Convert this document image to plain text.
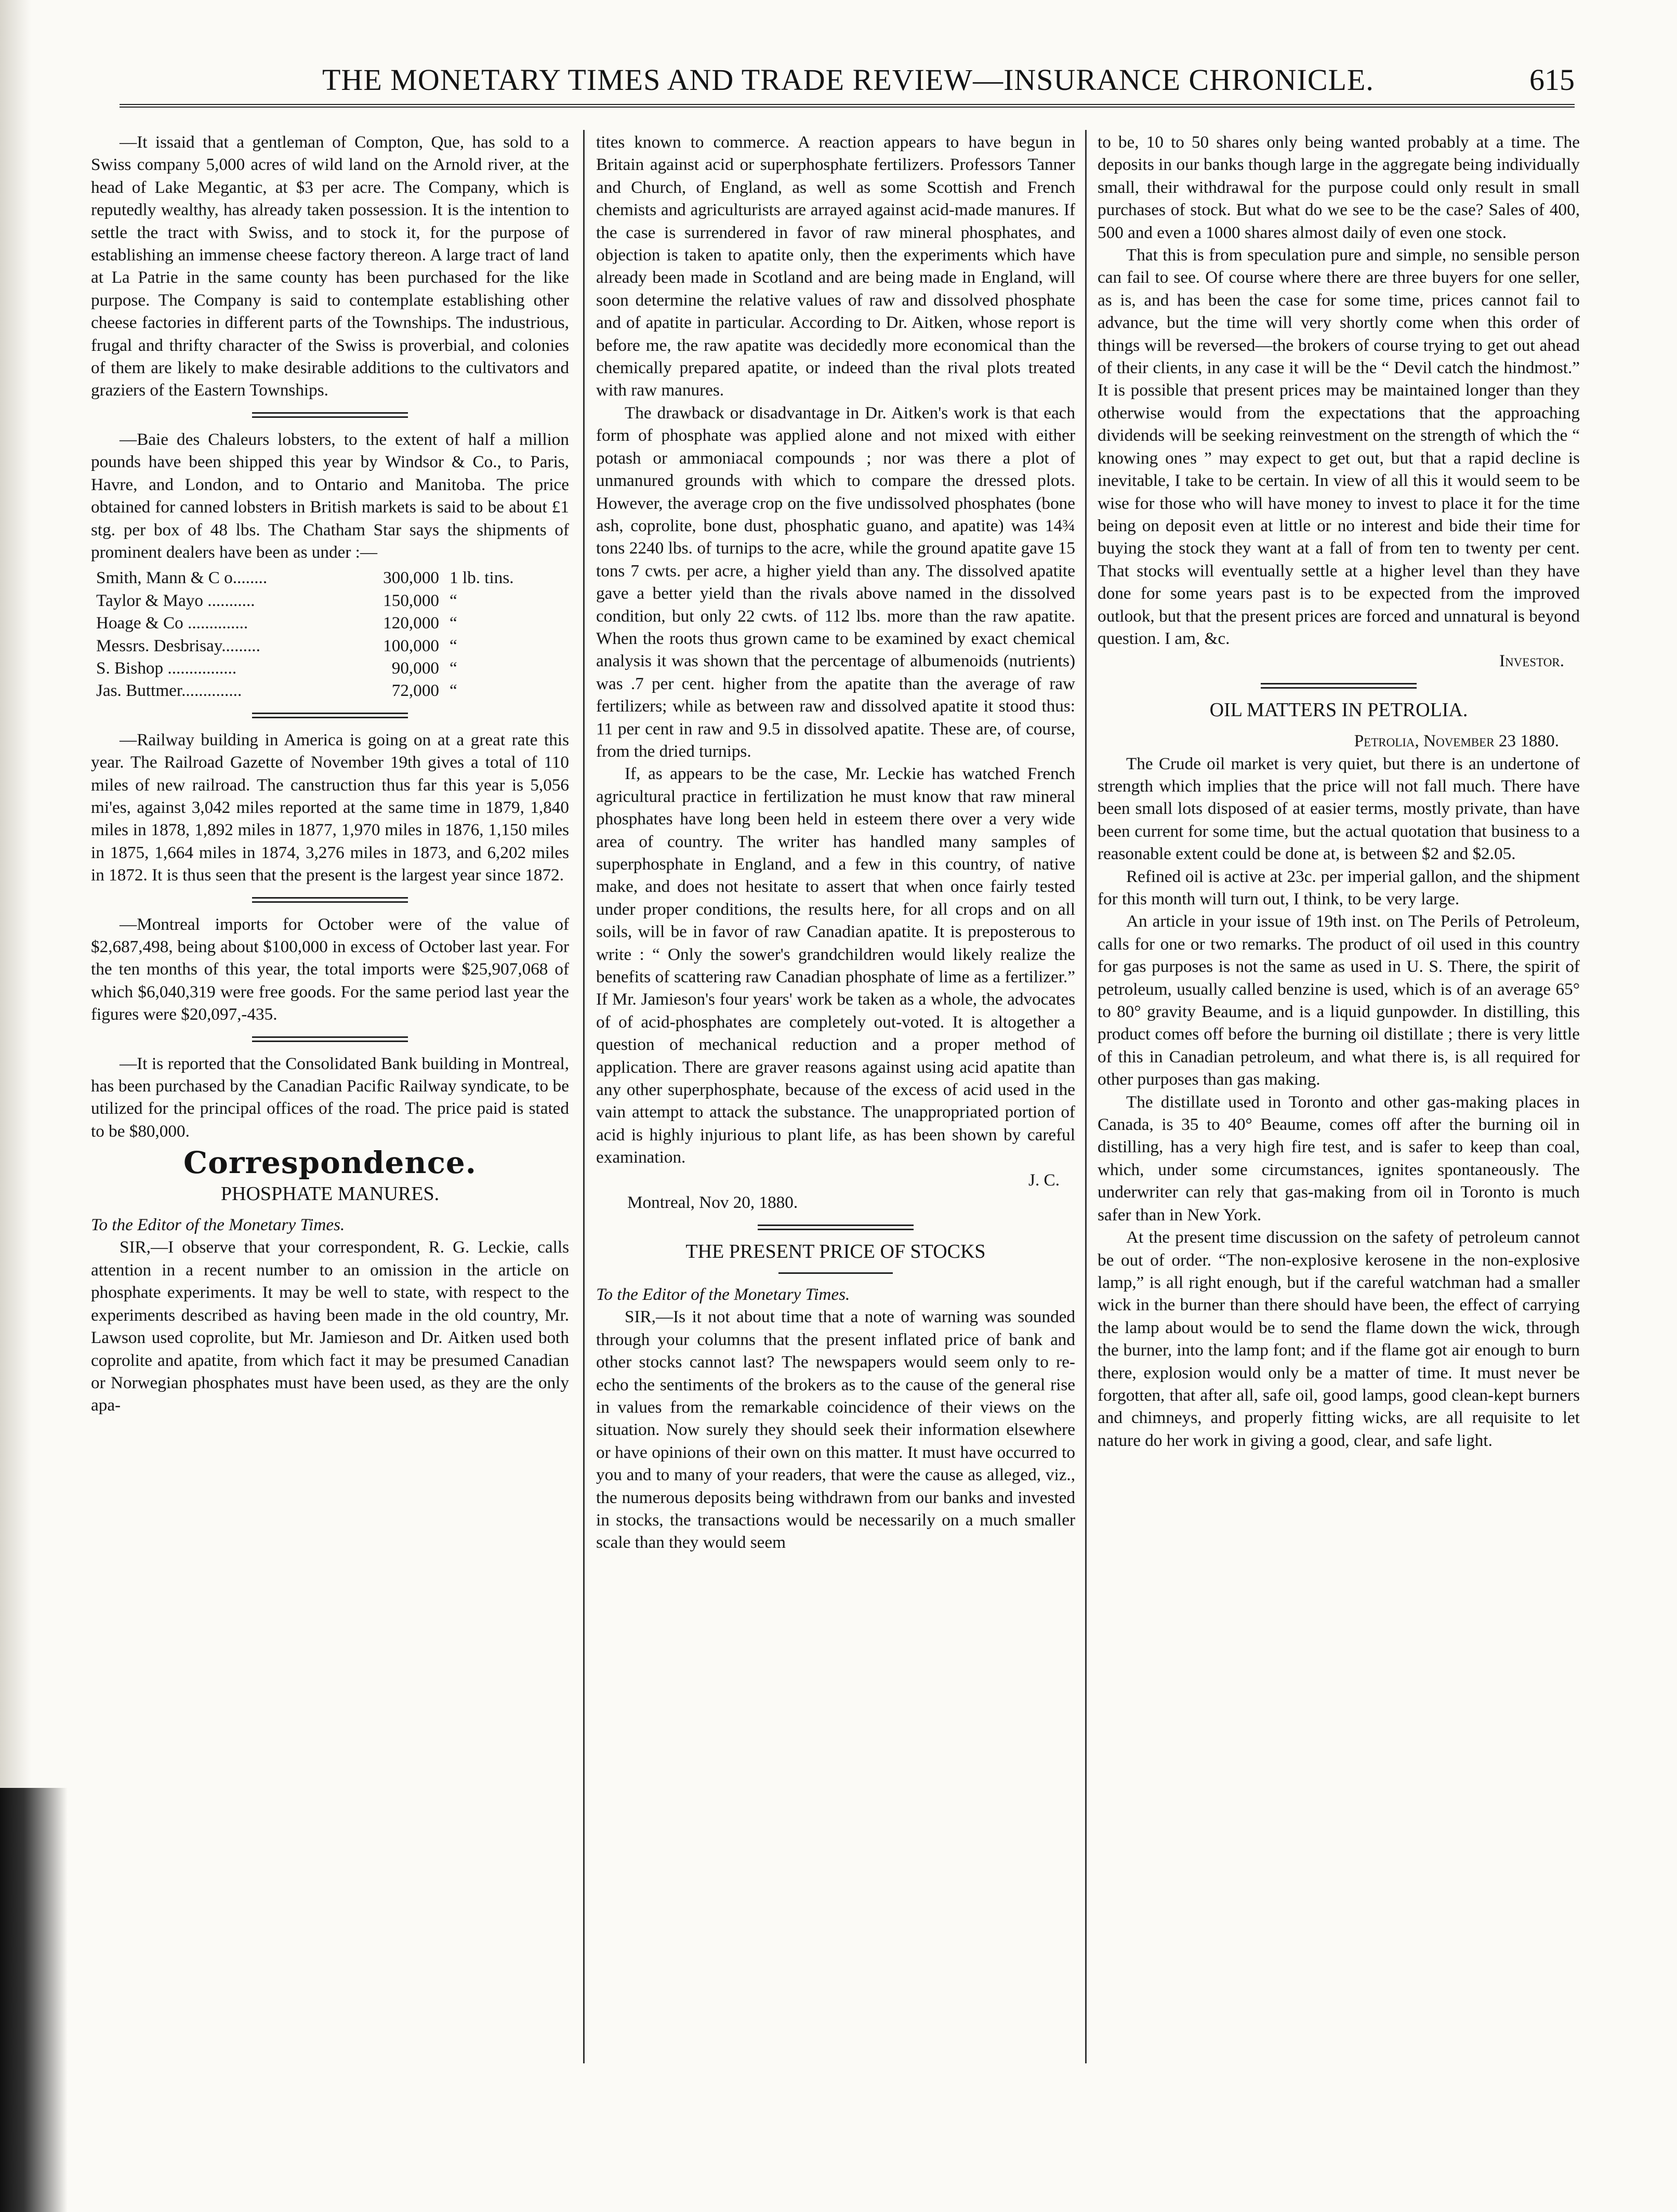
THE MONETARY TIMES AND TRADE REVIEW—INSURANCE CHRONICLE.	615

—It issaid that a gentleman of Compton, Que, has sold to a Swiss company 5,000 acres of wild land on the Arnold river, at the head of Lake Megantic, at $3 per acre. The Company, which is reputedly wealthy, has already taken possession. It is the intention to settle the tract with Swiss, and to stock it, for the purpose of establishing an immense cheese factory thereon. A large tract of land at La Patrie in the same county has been purchased for the like purpose. The Company is said to contemplate establishing other cheese factories in different parts of the Townships. The industrious, frugal and thrifty character of the Swiss is proverbial, and colonies of them are likely to make desirable additions to the cultivators and graziers of the Eastern Townships.

—Baie des Chaleurs lobsters, to the extent of half a million pounds have been shipped this year by Windsor & Co., to Paris, Havre, and London, and to Ontario and Manitoba. The price obtained for canned lobsters in British markets is said to be about £1 stg. per box of 48 lbs. The Chatham Star says the shipments of prominent dealers have been as under :—

Smith, Mann & C o........	300,000 1 lb. tins.
Taylor & Mayo ...........	150,000 “
Hoage & Co ..............	120,000 “
Messrs. Desbrisay.........	100,000 “
S. Bishop ................	90,000 “
Jas. Buttmer..............	72,000 “

—Railway building in America is going on at a great rate this year. The Railroad Gazette of November 19th gives a total of 110 miles of new railroad. The canstruction thus far this year is 5,056 mi'es, against 3,042 miles reported at the same time in 1879, 1,840 miles in 1878, 1,892 miles in 1877, 1,970 miles in 1876, 1,150 miles in 1875, 1,664 miles in 1874, 3,276 miles in 1873, and 6,202 miles in 1872. It is thus seen that the present is the largest year since 1872.

—Montreal imports for October were of the value of $2,687,498, being about $100,000 in excess of October last year. For the ten months of this year, the total imports were $25,907,068 of which $6,040,319 were free goods. For the same period last year the figures were $20,097,-435.

—It is reported that the Consolidated Bank building in Montreal, has been purchased by the Canadian Pacific Railway syndicate, to be utilized for the principal offices of the road. The price paid is stated to be $80,000.

Correspondence.
PHOSPHATE MANURES.
To the Editor of the Monetary Times.

SIR,—I observe that your correspondent, R. G. Leckie, calls attention in a recent number to an omission in the article on phosphate experiments. It may be well to state, with respect to the experiments described as having been made in the old country, Mr. Lawson used coprolite, but Mr. Jamieson and Dr. Aitken used both coprolite and apatite, from which fact it may be presumed Canadian or Norwegian phosphates must have been used, as they are the only apa-

tites known to commerce. A reaction appears to have begun in Britain against acid or superphosphate fertilizers. Professors Tanner and Church, of England, as well as some Scottish and French chemists and agriculturists are arrayed against acid-made manures. If the case is surrendered in favor of raw mineral phosphates, and objection is taken to apatite only, then the experiments which have already been made in Scotland and are being made in England, will soon determine the relative values of raw and dissolved phosphate and of apatite in particular. According to Dr. Aitken, whose report is before me, the raw apatite was decidedly more economical than the chemically prepared apatite, or indeed than the rival plots treated with raw manures.

The drawback or disadvantage in Dr. Aitken's work is that each form of phosphate was applied alone and not mixed with either potash or ammoniacal compounds ; nor was there a plot of unmanured grounds with which to compare the dressed plots. However, the average crop on the five undissolved phosphates (bone ash, coprolite, bone dust, phosphatic guano, and apatite) was 14¾ tons 2240 lbs. of turnips to the acre, while the ground apatite gave 15 tons 7 cwts. per acre, a higher yield than any. The dissolved apatite gave a better yield than the rivals above named in the dissolved condition, but only 22 cwts. of 112 lbs. more than the raw apatite. When the roots thus grown came to be examined by exact chemical analysis it was shown that the percentage of albumenoids (nutrients) was .7 per cent. higher from the apatite than the average of raw fertilizers; while as between raw and dissolved apatite it stood thus: 11 per cent in raw and 9.5 in dissolved apatite. These are, of course, from the dried turnips.

If, as appears to be the case, Mr. Leckie has watched French agricultural practice in fertilization he must know that raw mineral phosphates have long been held in esteem there over a very wide area of country. The writer has handled many samples of superphosphate in England, and a few in this country, of native make, and does not hesitate to assert that when once fairly tested under proper conditions, the results here, for all crops and on all soils, will be in favor of raw Canadian apatite. It is preposterous to write : “ Only the sower's grandchildren would likely realize the benefits of scattering raw Canadian phosphate of lime as a fertilizer.” If Mr. Jamieson's four years' work be taken as a whole, the advocates of of acid-phosphates are completely out-voted. It is altogether a question of mechanical reduction and a proper method of application. There are graver reasons against using acid apatite than any other superphosphate, because of the excess of acid used in the vain attempt to attack the substance. The unappropriated portion of acid is highly injurious to plant life, as has been shown by careful examination.

J. C.
Montreal, Nov 20, 1880.
THE PRESENT PRICE OF STOCKS
To the Editor of the Monetary Times.

SIR,—Is it not about time that a note of warning was sounded through your columns that the present inflated price of bank and other stocks cannot last? The newspapers would seem only to re-echo the sentiments of the brokers as to the cause of the general rise in values from the remarkable coincidence of their views on the situation. Now surely they should seek their information elsewhere or have opinions of their own on this matter. It must have occurred to you and to many of your readers, that were the cause as alleged, viz., the numerous deposits being withdrawn from our banks and invested in stocks, the transactions would be necessarily on a much smaller scale than they would seem

to be, 10 to 50 shares only being wanted probably at a time. The deposits in our banks though large in the aggregate being individually small, their withdrawal for the purpose could only result in small purchases of stock. But what do we see to be the case? Sales of 400, 500 and even a 1000 shares almost daily of even one stock.

That this is from speculation pure and simple, no sensible person can fail to see. Of course where there are three buyers for one seller, as is, and has been the case for some time, prices cannot fail to advance, but the time will very shortly come when this order of things will be reversed—the brokers of course trying to get out ahead of their clients, in any case it will be the “ Devil catch the hindmost.” It is possible that present prices may be maintained longer than they otherwise would from the expectations that the approaching dividends will be seeking reinvestment on the strength of which the “ knowing ones ” may expect to get out, but that a rapid decline is inevitable, I take to be certain. In view of all this it would seem to be wise for those who will have money to invest to place it for the time being on deposit even at little or no interest and bide their time for buying the stock they want at a fall of from ten to twenty per cent. That stocks will eventually settle at a higher level than they have done for some years past is to be expected from the improved outlook, but that the present prices are forced and unnatural is beyond question. I am, &c.

Investor.
OIL MATTERS IN PETROLIA.
Petrolia, November 23 1880.

The Crude oil market is very quiet, but there is an undertone of strength which implies that the price will not fall much. There have been small lots disposed of at easier terms, mostly private, than have been current for some time, but the actual quotation that business to a reasonable extent could be done at, is between $2 and $2.05.

Refined oil is active at 23c. per imperial gallon, and the shipment for this month will turn out, I think, to be very large.

An article in your issue of 19th inst. on The Perils of Petroleum, calls for one or two remarks. The product of oil used in this country for gas purposes is not the same as used in U. S. There, the spirit of petroleum, usually called benzine is used, which is of an average 65° to 80° gravity Beaume, and is a liquid gunpowder. In distilling, this product comes off before the burning oil distillate ; there is very little of this in Canadian petroleum, and what there is, is all required for other purposes than gas making.

The distillate used in Toronto and other gas-making places in Canada, is 35 to 40° Beaume, comes off after the burning oil in distilling, has a very high fire test, and is safer to keep than coal, which, under some circumstances, ignites spontaneously. The underwriter can rely that gas-making from oil in Toronto is much safer than in New York.

At the present time discussion on the safety of petroleum cannot be out of order. “The non-explosive kerosene in the non-explosive lamp,” is all right enough, but if the careful watchman had a smaller wick in the burner than there should have been, the effect of carrying the lamp about would be to send the flame down the wick, through the burner, into the lamp font; and if the flame got air enough to burn there, explosion would only be a matter of time. It must never be forgotten, that after all, safe oil, good lamps, good clean-kept burners and chimneys, and properly fitting wicks, are all requisite to let nature do her work in giving a good, clear, and safe light.
